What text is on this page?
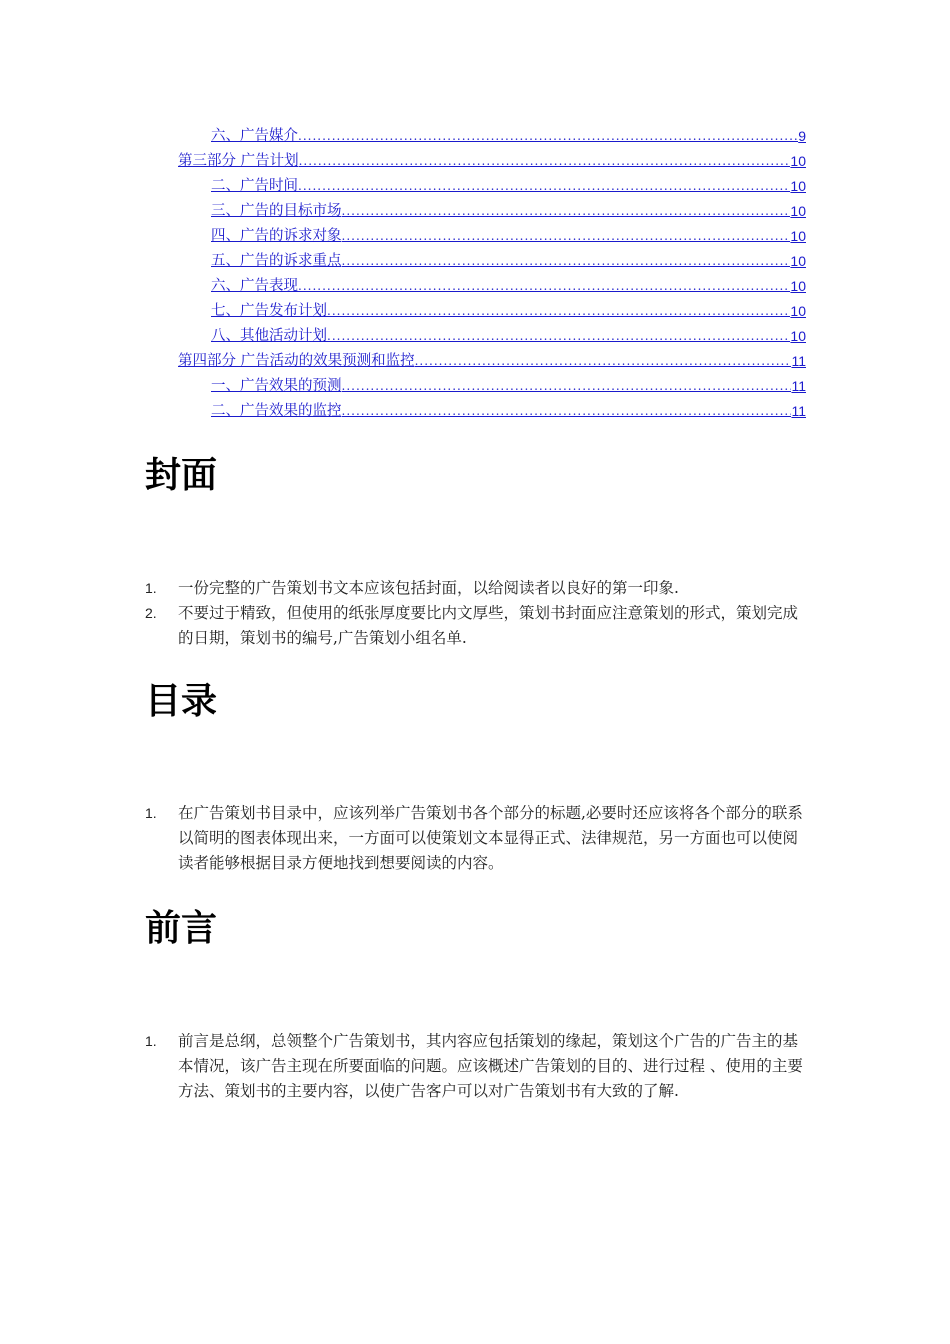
六、广告媒介 .....	9
第三部分 广告计划 .....	10
二、广告时间 .....	10
三、广告的目标市场 .....	10
四、广告的诉求对象 .....	10
五、广告的诉求重点 .....	10
六、广告表现 .....	10
七、广告发布计划 .....	10
八、其他活动计划 .....	10
第四部分 广告活动的效果预测和监控 .....	11
一、广告效果的预测 .....	11
二、广告效果的监控 .....	11
封面
1. 一份完整的广告策划书文本应该包括封面，以给阅读者以良好的第一印象.
2. 不要过于精致，但使用的纸张厚度要比内文厚些，策划书封面应注意策划的形式，策划完成的日期，策划书的编号,广告策划小组名单.
目录
1. 在广告策划书目录中，应该列举广告策划书各个部分的标题,必要时还应该将各个部分的联系以简明的图表体现出来，一方面可以使策划文本显得正式、法律规范，另一方面也可以使阅读者能够根据目录方便地找到想要阅读的内容。
前言
1. 前言是总纲，总领整个广告策划书，其内容应包括策划的缘起，策划这个广告的广告主的基本情况，该广告主现在所要面临的问题。应该概述广告策划的目的、进行过程 、使用的主要方法、策划书的主要内容，以使广告客户可以对广告策划书有大致的了解.
